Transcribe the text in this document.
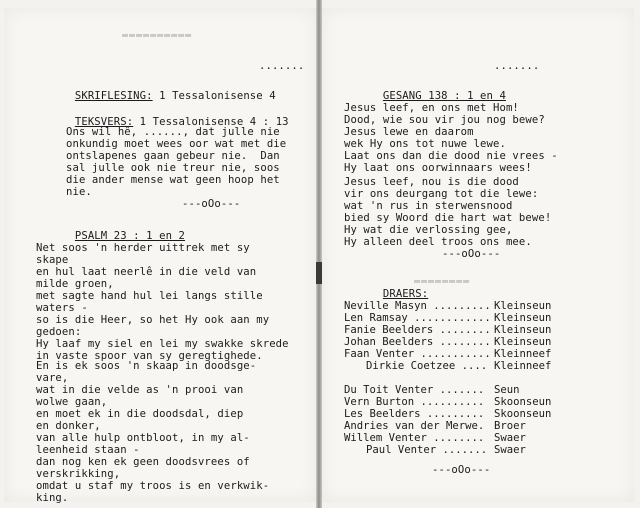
▬▬▬▬▬▬▬▬▬▬
.......

SKRIFLESING: 1 Tessalonisense 4

TEKSVERS: 1 Tessalonisense 4 : 13

Ons wil hê, ......, dat julle nie
onkundig moet wees oor wat met die
ontslapenes gaan gebeur nie.  Dan
sal julle ook nie treur nie, soos
die ander mense wat geen hoop het
nie.
---oOo---

PSALM 23 : 1 en 2

Net soos 'n herder uittrek met sy
skape
en hul laat neerlê in die veld van
milde groen,
met sagte hand hul lei langs stille
waters -
so is die Heer, so het Hy ook aan my
gedoen:
Hy laaf my siel en lei my swakke skrede
in vaste spoor van sy geregtighede.
En is ek soos 'n skaap in doodsge-
vare,
wat in die velde as 'n prooi van
wolwe gaan,
en moet ek in die doodsdal, diep
en donker,
van alle hulp ontbloot, in my al-
leenheid staan -
dan nog ken ek geen doodsvrees of
verskrikking,
omdat u staf my troos is en verkwik-
king.
.......

GESANG 138 : 1 en 4

Jesus leef, en ons met Hom!
Dood, wie sou vir jou nog bewe?
Jesus lewe en daarom
wek Hy ons tot nuwe lewe.
Laat ons dan die dood nie vrees -
Hy laat ons oorwinnaars wees!
Jesus leef, nou is die dood
vir ons deurgang tot die lewe:
wat 'n rus in sterwensnood
bied sy Woord die hart wat bewe!
Hy wat die verlossing gee,
Hy alleen deel troos ons mee.
---oOo---

DRAERS:

▬▬▬▬▬▬▬▬
Neville Masyn ......... Kleinseun
Len Ramsay ............ Kleinseun
Fanie Beelders ........ Kleinseun
Johan Beelders ........ Kleinseun
Faan Venter ........... Kleinneef
Dirkie Coetzee .... Kleinneef
Du Toit Venter ....... Seun
Vern Burton .......... Skoonseun
Les Beelders ......... Skoonseun
Andries van der Merwe. Broer
Willem Venter ........ Swaer
Paul Venter ....... Swaer
---oOo---
